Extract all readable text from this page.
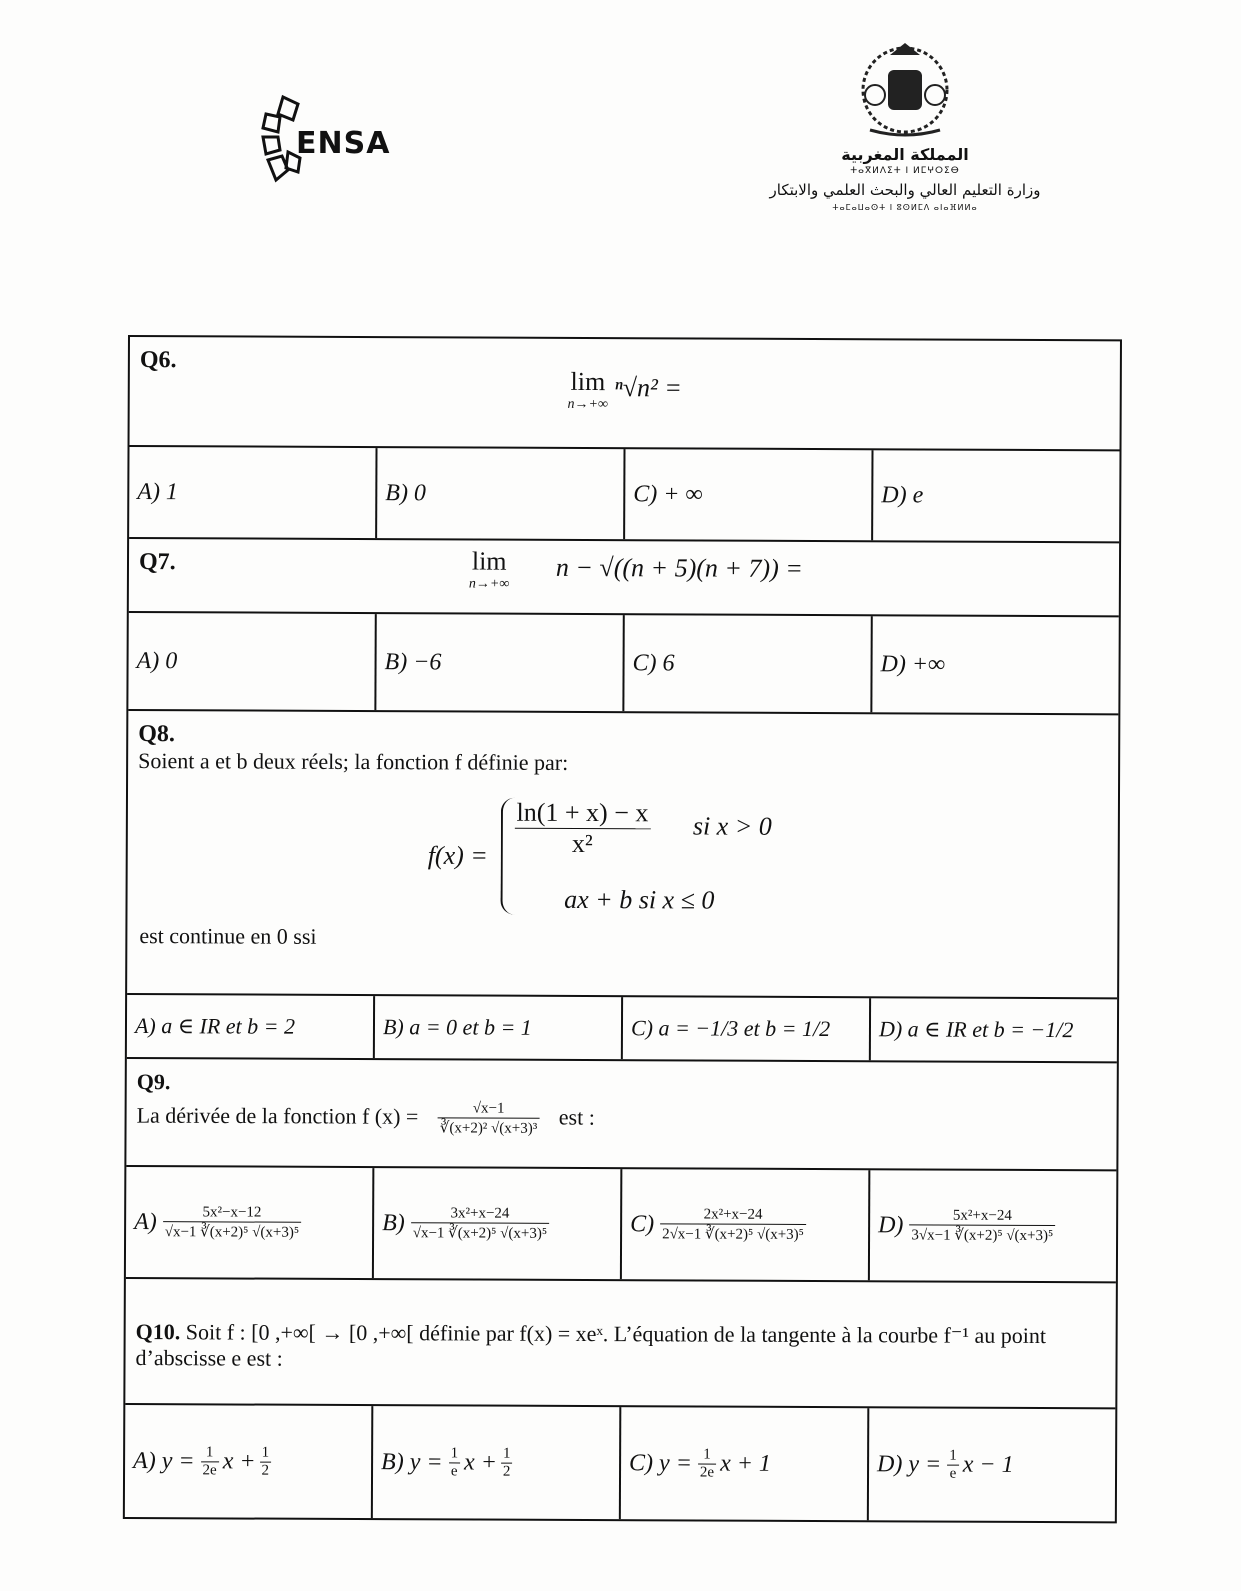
ENSA	المملكة المغربية
ⵜⴰⴳⵍⴷⵉⵜ ⵏ ⵍⵎⵖⵔⵉⴱ
وزارة التعليم العالي والبحث العلمي والابتكار
ⵜⴰⵎⴰⵡⴰⵙⵜ ⵏ ⵓⵙⵍⵎⴷ ⴰⵏⴰⴼⵍⵍⴰ
Q6.
lim
n→+∞
ⁿ√n² =
A) 1	B) 0	C) + ∞	D) e
Q7.	lim
n→+∞
n − √((n + 5)(n + 7)) =
A) 0	B) −6	C) 6	D) +∞
Q8.
Soient a et b deux réels; la fonction f définie par:
$f(x) = \frac{\ln(1 + x) - x}{\text{x²}}$ si x > 0
ax + b si x ≤ 0
est continue en 0 ssi
A) a ∈ IR et b = 2	B) a = 0 et b = 1	C) a = −1/3 et b = 1/2	D) a ∈ IR et b = −1/2
Q9.
La dérivée de la fonction f $(x) = \frac{√x-1}{\text{∛(x+2)² √(x+3)³}}$ est :
$A) \frac{\text{5x²−x−12}}{\text{√x−1 ∛(x+2)⁵ √(x+3)⁵}}$	$B) \frac{\text{3x²+x−24}}{\text{√x−1 ∛(x+2)⁵ √(x+3)⁵}}$	$C) \frac{\text{2x²+x−24}}{\text{2√x−1 ∛(x+2)⁵ √(x+3)⁵}}$	$D) \frac{\text{5x²+x−24}}{\text{3√x−1 ∛(x+2)⁵ √(x+3)⁵}}$
Q10. Soit f : [0 ,+∞[ → [0 ,+∞[ définie par f(x) = xeˣ. L’équation de la tangente à la courbe f⁻¹ au point d’abscisse e est :
A) $y = \frac{1}{2e}$ $x + \frac{1}{2}$	B) $y = \frac{1}{e}$ $x + \frac{1}{2}$	C) $y = \frac{1}{2e}$ x + 1	D) $y = \frac{1}{e}$ x − 1
